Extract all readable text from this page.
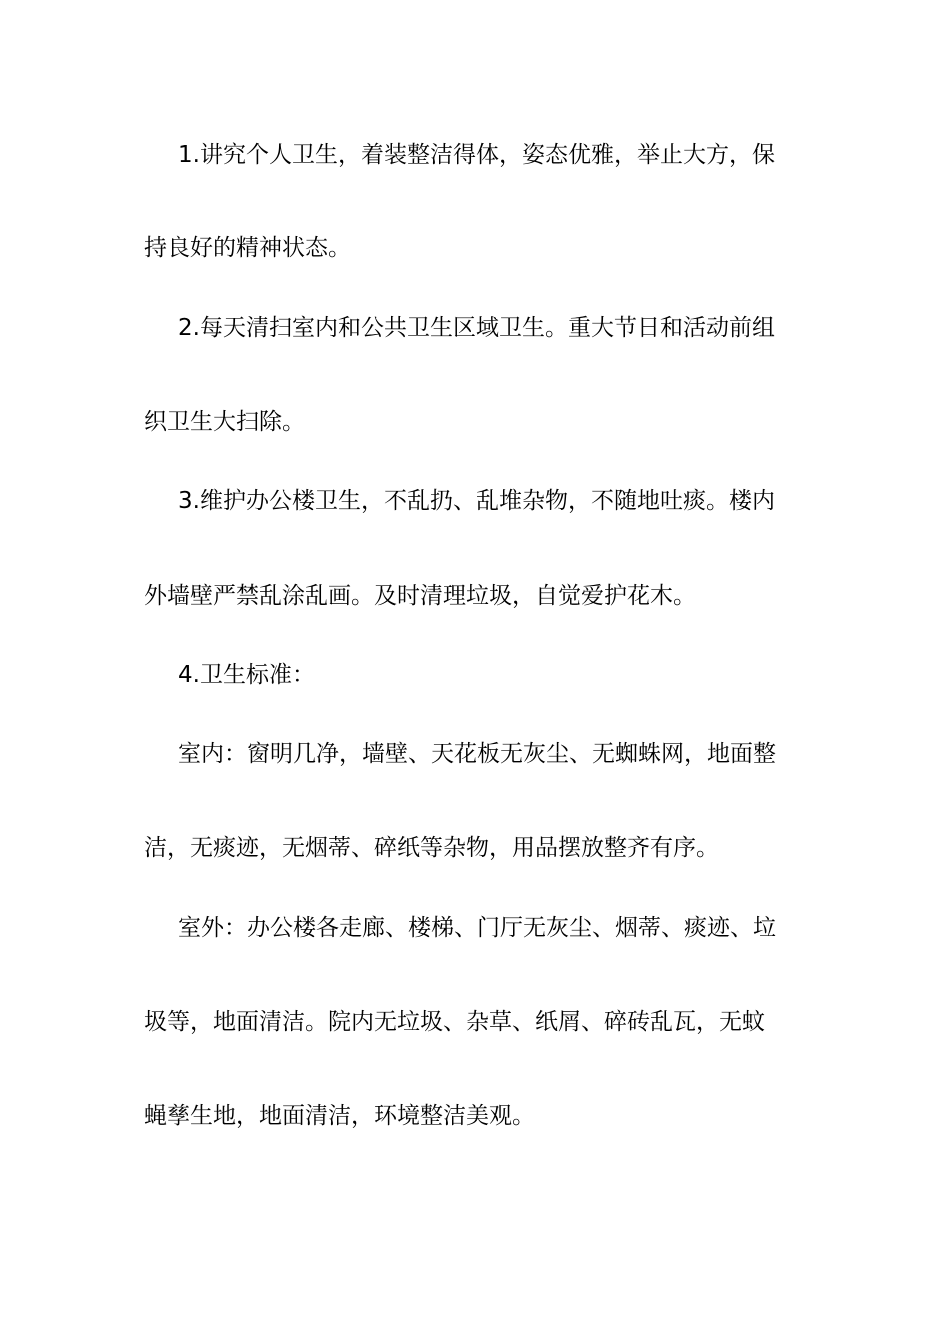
1.讲究个人卫生，着装整洁得体，姿态优雅，举止大方，保
持良好的精神状态。
2.每天清扫室内和公共卫生区域卫生。重大节日和活动前组
织卫生大扫除。
3.维护办公楼卫生，不乱扔、乱堆杂物，不随地吐痰。楼内
外墙壁严禁乱涂乱画。及时清理垃圾，自觉爱护花木。
4.卫生标准：
室内：窗明几净，墙壁、天花板无灰尘、无蜘蛛网，地面整
洁，无痰迹，无烟蒂、碎纸等杂物，用品摆放整齐有序。
室外：办公楼各走廊、楼梯、门厅无灰尘、烟蒂、痰迹、垃
圾等，地面清洁。院内无垃圾、杂草、纸屑、碎砖乱瓦，无蚊
蝇孳生地，地面清洁，环境整洁美观。
